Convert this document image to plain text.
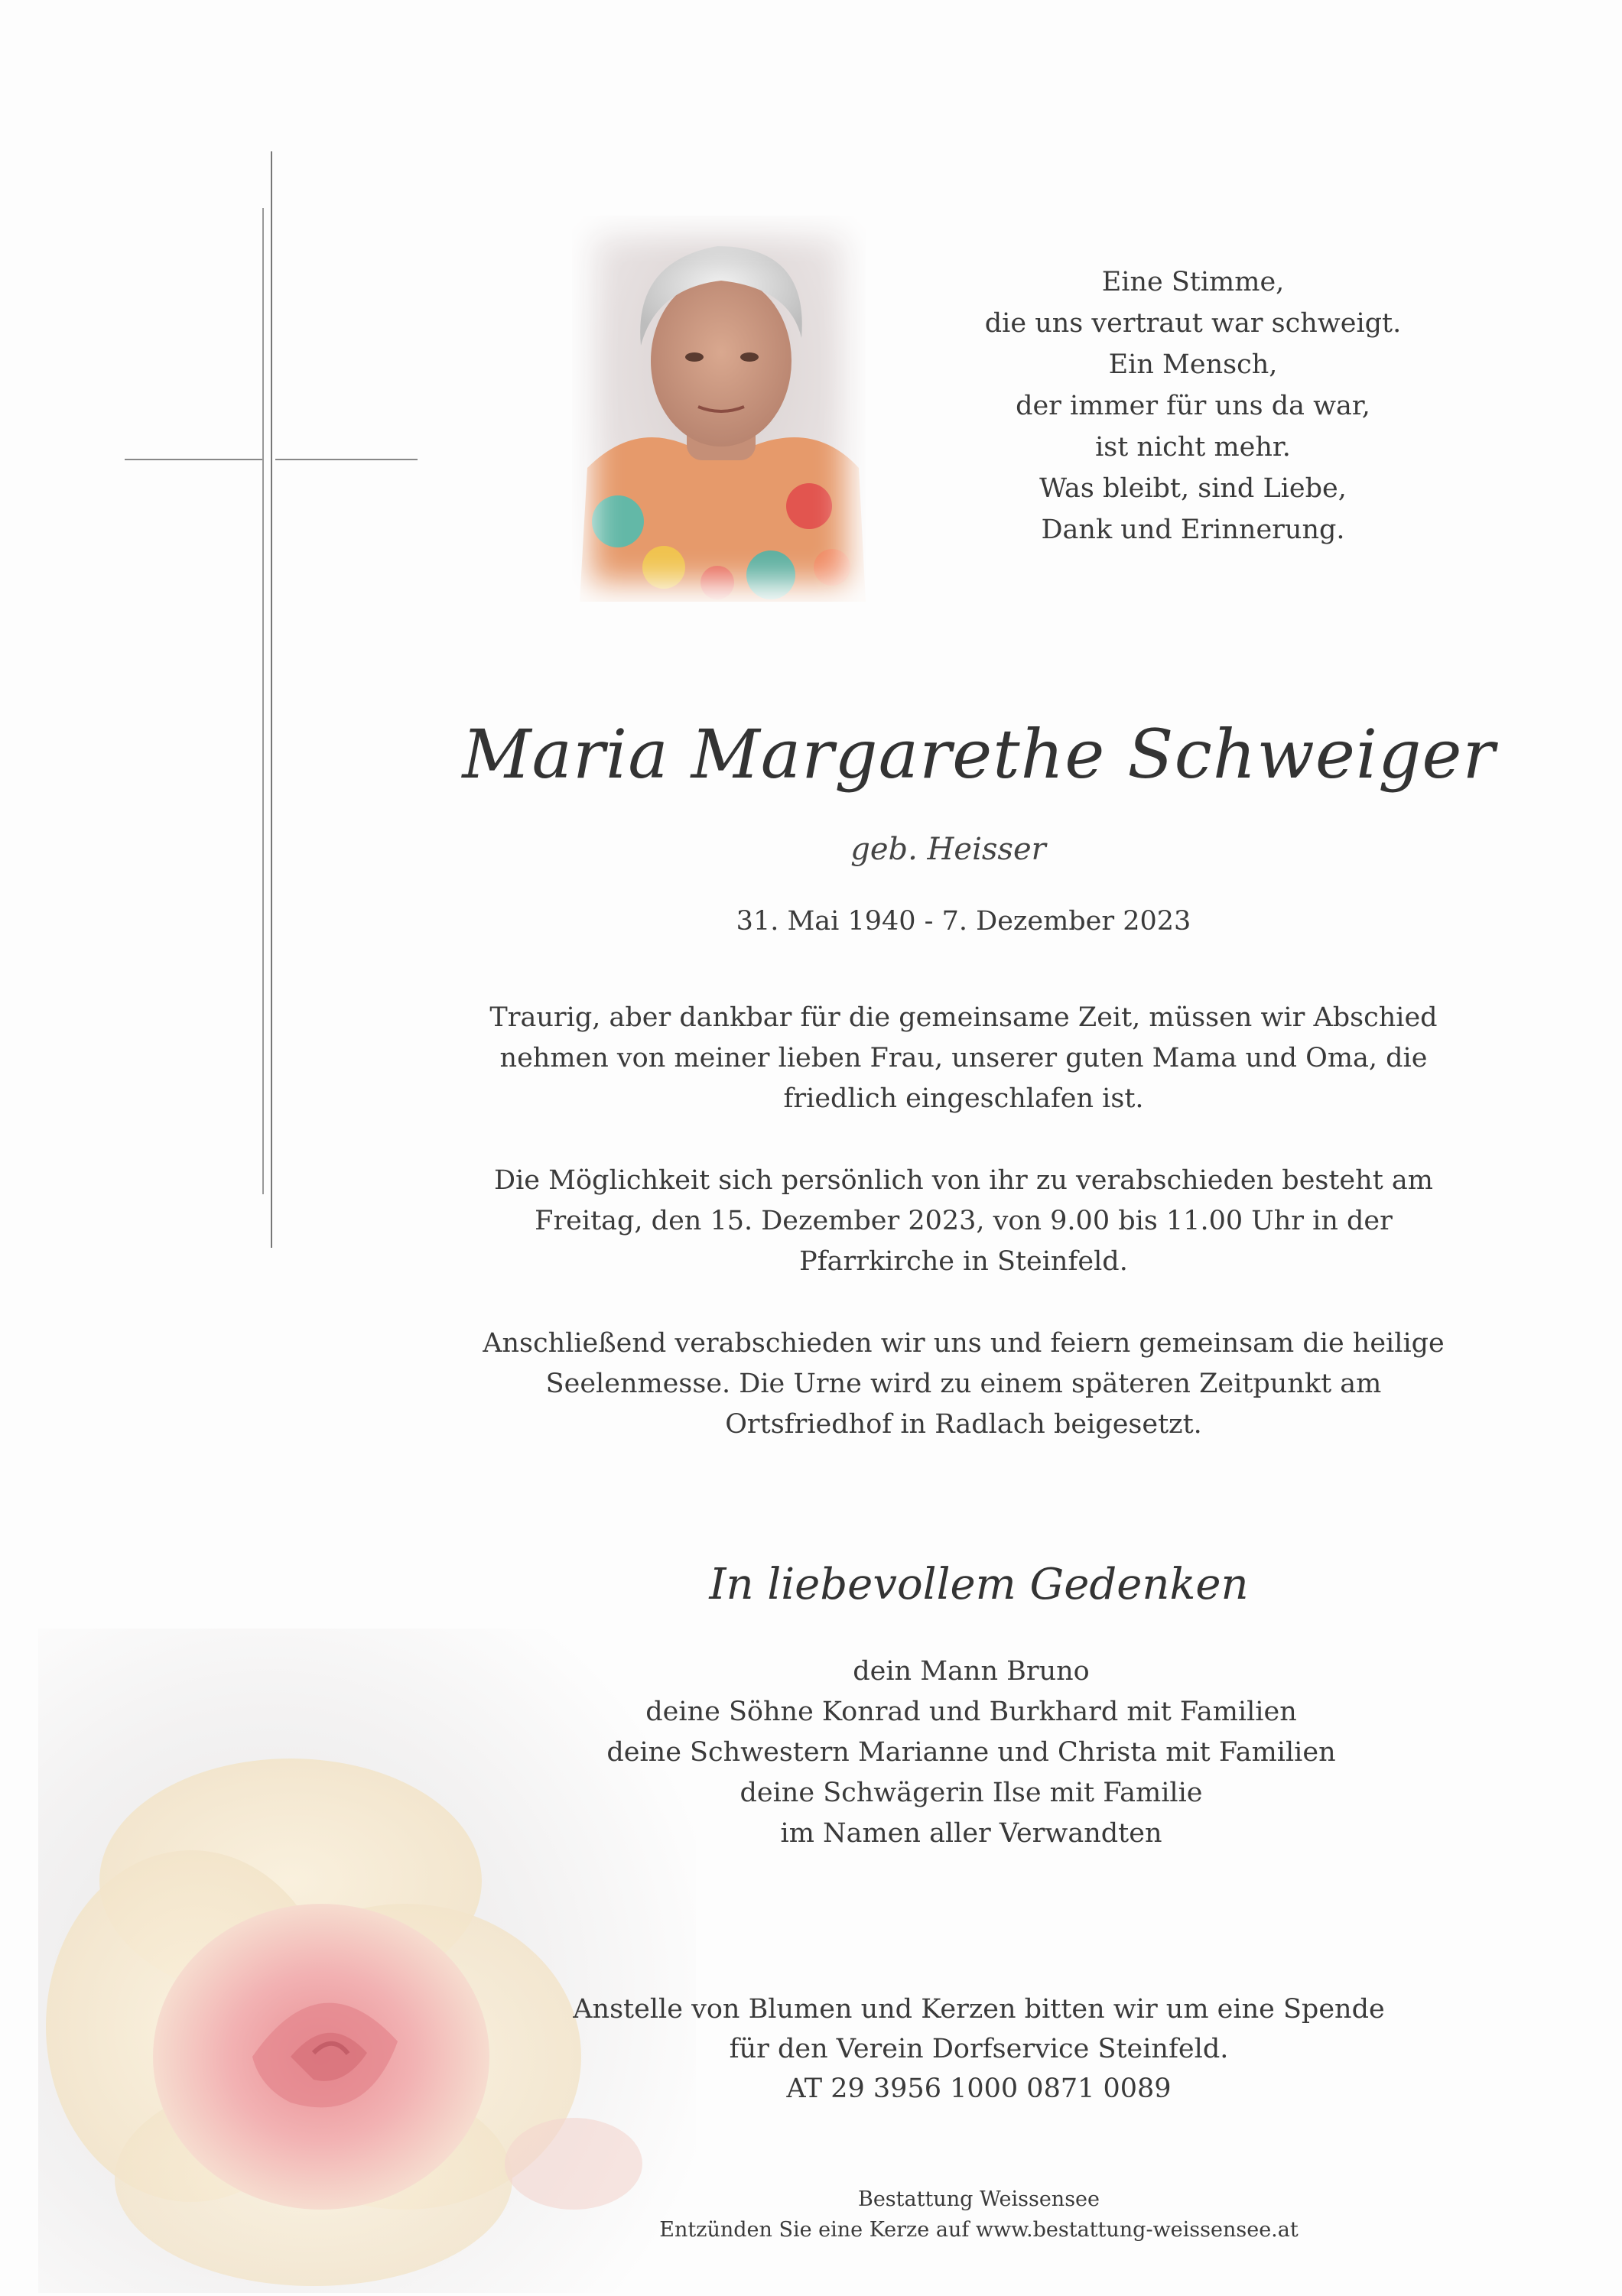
Eine Stimme,
die uns vertraut war schweigt.
Ein Mensch,
der immer für uns da war,
ist nicht mehr.
Was bleibt, sind Liebe,
Dank und Erinnerung.
Maria Margarethe Schweiger
geb. Heisser
31. Mai 1940 - 7. Dezember 2023
Traurig, aber dankbar für die gemeinsame Zeit, müssen wir Abschied
nehmen von meiner lieben Frau, unserer guten Mama und Oma, die
friedlich eingeschlafen ist.
Die Möglichkeit sich persönlich von ihr zu verabschieden besteht am
Freitag, den 15. Dezember 2023, von 9.00 bis 11.00 Uhr in der
Pfarrkirche in Steinfeld.
Anschließend verabschieden wir uns und feiern gemeinsam die heilige
Seelenmesse. Die Urne wird zu einem späteren Zeitpunkt am
Ortsfriedhof in Radlach beigesetzt.
In liebevollem Gedenken
dein Mann Bruno
deine Söhne Konrad und Burkhard mit Familien
deine Schwestern Marianne und Christa mit Familien
deine Schwägerin Ilse mit Familie
im Namen aller Verwandten
Anstelle von Blumen und Kerzen bitten wir um eine Spende
für den Verein Dorfservice Steinfeld.
AT 29 3956 1000 0871 0089
Bestattung Weissensee
Entzünden Sie eine Kerze auf www.bestattung-weissensee.at
